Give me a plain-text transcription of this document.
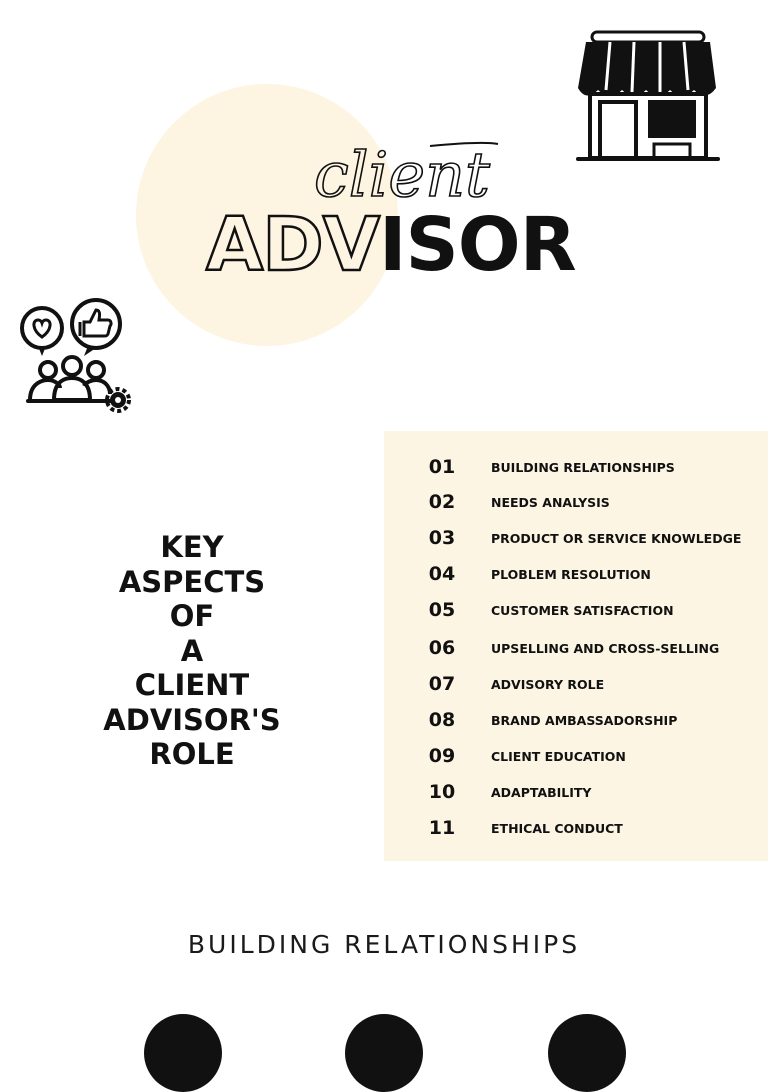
client
ADVISOR
KEY
ASPECTS
OF
A
CLIENT
ADVISOR'S
ROLE
01	BUILDING RELATIONSHIPS
02	NEEDS ANALYSIS
03	PRODUCT OR SERVICE KNOWLEDGE
04	PLOBLEM RESOLUTION
05	CUSTOMER SATISFACTION
06	UPSELLING AND CROSS-SELLING
07	ADVISORY ROLE
08	BRAND AMBASSADORSHIP
09	CLIENT EDUCATION
10	ADAPTABILITY
11	ETHICAL CONDUCT
BUILDING RELATIONSHIPS
